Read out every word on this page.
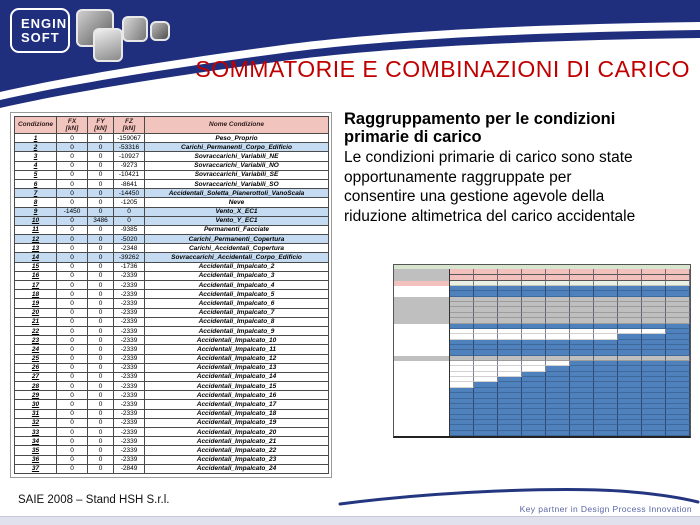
ENGIN
SOFT
SOMMATORIE E COMBINAZIONI DI CARICO
Condizione

FX
[kN]

FY
[kN]

FZ
[kN]

Nome Condizione

1	0	0	-159067	Peso_Proprio
2	0	0	-53316	Carichi_Permanenti_Corpo_Edificio
3	0	0	-10927	Sovraccarichi_Variabili_NE
4	0	0	-9273	Sovraccarichi_Variabili_NO
5	0	0	-10421	Sovraccarichi_Variabili_SE
6	0	0	-8641	Sovraccarichi_Variabili_SO
7	0	0	-14450	Accidentali_Soletta_Pianerottoli_VanoScala
8	0	0	-1205	Neve
9	-1450	0	0	Vento_X_EC1
10	0	3486	0	Vento_Y_EC1
11	0	0	-9385	Permanenti_Facciate
12	0	0	-5020	Carichi_Permanenti_Copertura
13	0	0	-2348	Carichi_Accidentali_Copertura
14	0	0	-39262	Sovraccarichi_Accidentali_Corpo_Edificio
15	0	0	-1736	Accidentali_Impalcato_2
16	0	0	-2339	Accidentali_Impalcato_3
17	0	0	-2339	Accidentali_Impalcato_4
18	0	0	-2339	Accidentali_Impalcato_5
19	0	0	-2339	Accidentali_Impalcato_6
20	0	0	-2339	Accidentali_Impalcato_7
21	0	0	-2339	Accidentali_Impalcato_8
22	0	0	-2339	Accidentali_Impalcato_9
23	0	0	-2339	Accidentali_Impalcato_10
24	0	0	-2339	Accidentali_Impalcato_11
25	0	0	-2339	Accidentali_Impalcato_12
26	0	0	-2339	Accidentali_Impalcato_13
27	0	0	-2339	Accidentali_Impalcato_14
28	0	0	-2339	Accidentali_Impalcato_15
29	0	0	-2339	Accidentali_Impalcato_16
30	0	0	-2339	Accidentali_Impalcato_17
31	0	0	-2339	Accidentali_Impalcato_18
32	0	0	-2339	Accidentali_Impalcato_19
33	0	0	-2339	Accidentali_Impalcato_20
34	0	0	-2339	Accidentali_Impalcato_21
35	0	0	-2339	Accidentali_Impalcato_22
36	0	0	-2339	Accidentali_Impalcato_23
37	0	0	-2849	Accidentali_Impalcato_24
Raggruppamento per le condizioni
primarie di carico
Le condizioni primarie di carico sono state
opportunamente raggruppate per
consentire una gestione agevole della
riduzione altimetrica del carico accidentale
SAIE 2008 – Stand HSH S.r.l.
Key partner in Design Process Innovation
